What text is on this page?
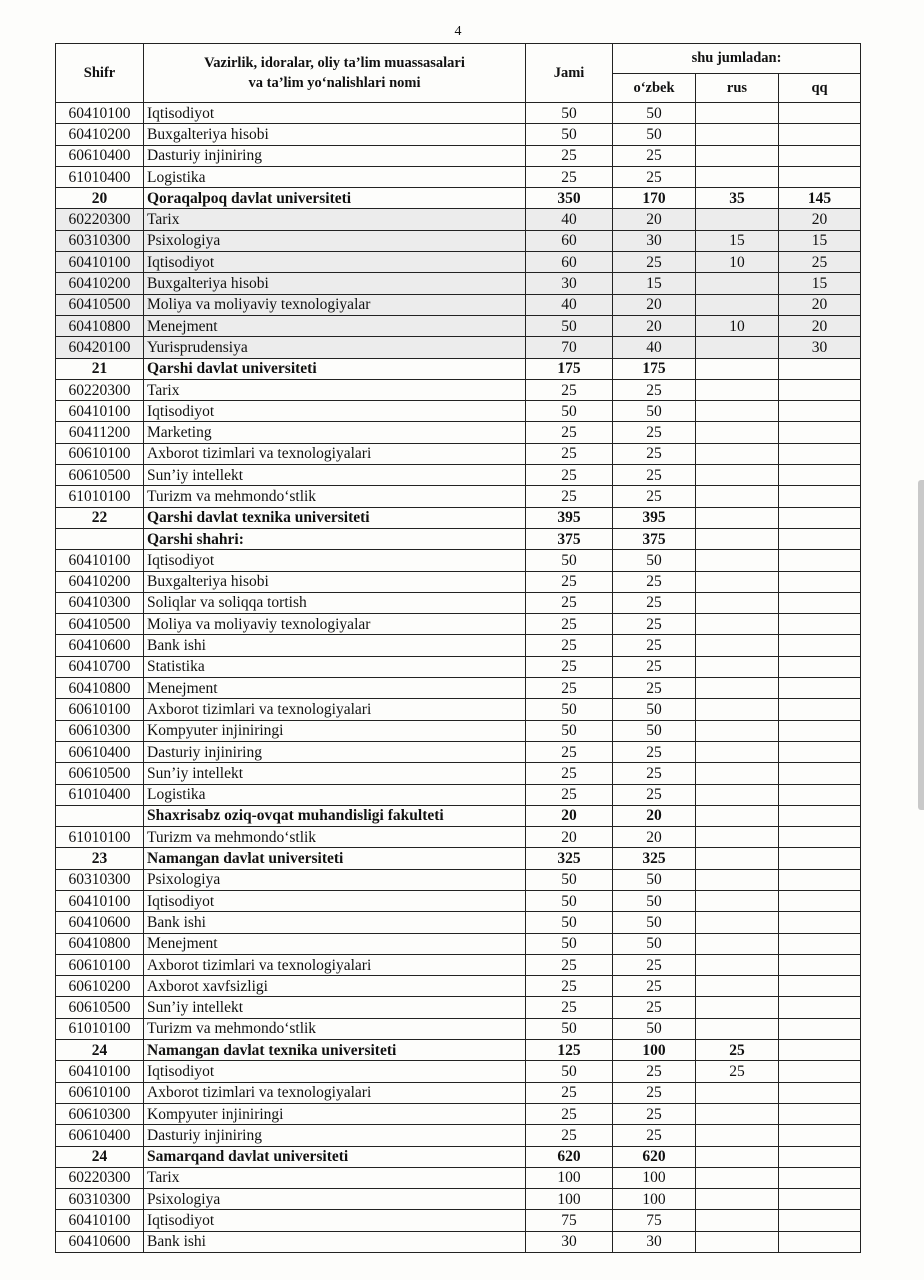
4
Shifr	Vazirlik, idoralar, oliy ta’lim muassasalari
va ta’lim yo‘nalishlari nomi	Jami	shu jumladan:		
			o‘zbek	rus	qq
60410100	Iqtisodiyot	50	50		
60410200	Buxgalteriya hisobi	50	50		
60610400	Dasturiy injiniring	25	25		
61010400	Logistika	25	25		
20	Qoraqalpoq davlat universiteti	350	170	35	145
60220300	Tarix	40	20		20
60310300	Psixologiya	60	30	15	15
60410100	Iqtisodiyot	60	25	10	25
60410200	Buxgalteriya hisobi	30	15		15
60410500	Moliya va moliyaviy texnologiyalar	40	20		20
60410800	Menejment	50	20	10	20
60420100	Yurisprudensiya	70	40		30
21	Qarshi davlat universiteti	175	175		
60220300	Tarix	25	25		
60410100	Iqtisodiyot	50	50		
60411200	Marketing	25	25		
60610100	Axborot tizimlari va texnologiyalari	25	25		
60610500	Sun’iy intellekt	25	25		
61010100	Turizm va mehmondo‘stlik	25	25		
22	Qarshi davlat texnika universiteti	395	395		
	Qarshi shahri:	375	375		
60410100	Iqtisodiyot	50	50		
60410200	Buxgalteriya hisobi	25	25		
60410300	Soliqlar va soliqqa tortish	25	25		
60410500	Moliya va moliyaviy texnologiyalar	25	25		
60410600	Bank ishi	25	25		
60410700	Statistika	25	25		
60410800	Menejment	25	25		
60610100	Axborot tizimlari va texnologiyalari	50	50		
60610300	Kompyuter injiniringi	50	50		
60610400	Dasturiy injiniring	25	25		
60610500	Sun’iy intellekt	25	25		
61010400	Logistika	25	25		
	Shaxrisabz oziq-ovqat muhandisligi fakulteti	20	20		
61010100	Turizm va mehmondo‘stlik	20	20		
23	Namangan davlat universiteti	325	325		
60310300	Psixologiya	50	50		
60410100	Iqtisodiyot	50	50		
60410600	Bank ishi	50	50		
60410800	Menejment	50	50		
60610100	Axborot tizimlari va texnologiyalari	25	25		
60610200	Axborot xavfsizligi	25	25		
60610500	Sun’iy intellekt	25	25		
61010100	Turizm va mehmondo‘stlik	50	50		
24	Namangan davlat texnika universiteti	125	100	25	
60410100	Iqtisodiyot	50	25	25	
60610100	Axborot tizimlari va texnologiyalari	25	25		
60610300	Kompyuter injiniringi	25	25		
60610400	Dasturiy injiniring	25	25		
24	Samarqand davlat universiteti	620	620		
60220300	Tarix	100	100		
60310300	Psixologiya	100	100		
60410100	Iqtisodiyot	75	75		
60410600	Bank ishi	30	30		
